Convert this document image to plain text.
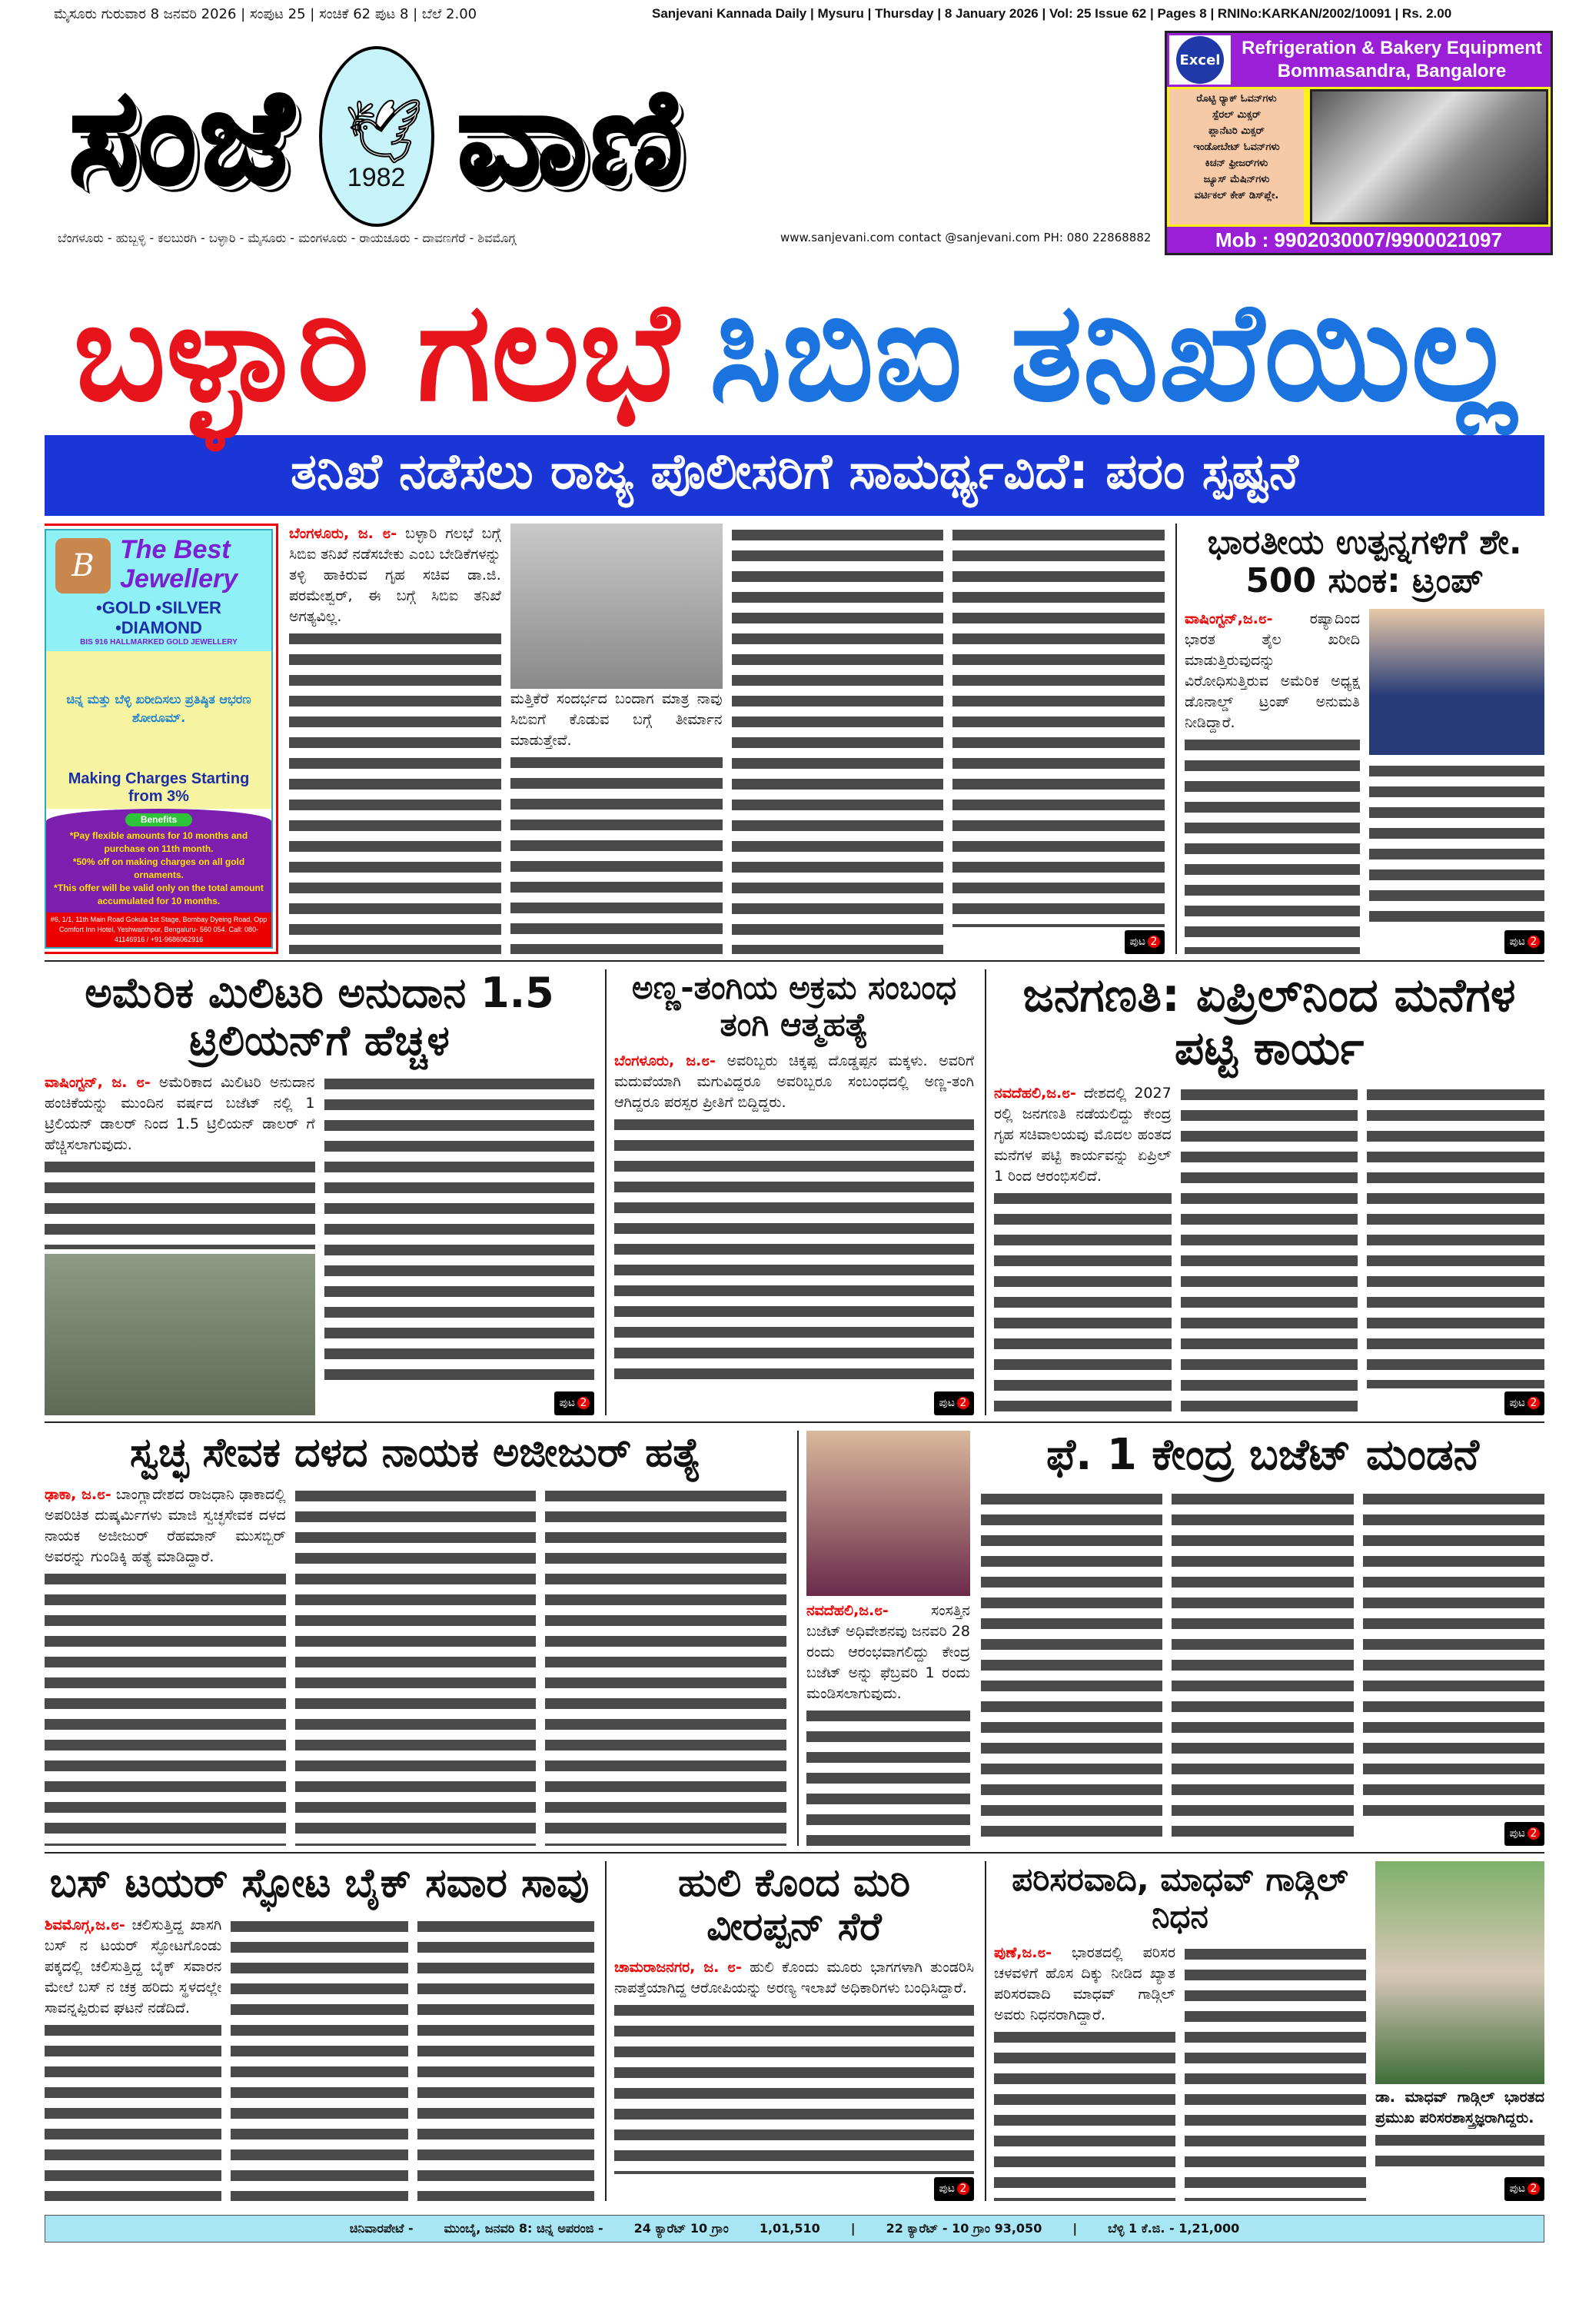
ಮೈಸೂರು ಗುರುವಾರ 8 ಜನವರಿ 2026 | ಸಂಪುಟ 25 | ಸಂಚಿಕೆ 62 ಪುಟ 8 | ಬೆಲೆ 2.00	Sanjevani Kannada Daily | Mysuru | Thursday | 8 January 2026 | Vol: 25 Issue 62 | Pages 8 | RNINo:KARKAN/2002/10091 | Rs. 2.00
ಸಂಜೆ 🕊
1982 ವಾಣಿ
ಬೆಂಗಳೂರು - ಹುಬ್ಬಳ್ಳಿ - ಕಲಬುರಗಿ - ಬಳ್ಳಾರಿ - ಮೈಸೂರು - ಮಂಗಳೂರು - ರಾಯಚೂರು - ದಾವಣಗೆರೆ - ಶಿವಮೊಗ್ಗ	www.sanjevani.com contact @sanjevani.com PH: 080 22868882
Excel
Refrigeration & Bakery Equipment
Bommasandra, Bangalore
ರೊಟ್ಟಿ ರ‍್ಯಾಕ್ ಓವನ್‌ಗಳು
ಸ್ಪೆರಲ್ ಮಿಕ್ಸರ್
ಪ್ಲಾನೆಟರಿ ಮಿಕ್ಸರ್
ಇಂಡೋಬೇಟ್ ಓವನ್‌ಗಳು
ಕಿಚನ್ ಫ್ರೀಜರ್‌ಗಳು
ಜ್ಯೂಸ್ ಮೆಷಿನ್‌ಗಳು
ವರ್ಟಿಕಲ್ ಕೇಕ್ ಡಿಸ್‌ಪ್ಲೇ.
Mob : 9902030007/9900021097
ಬಳ್ಳಾರಿ ಗಲಭೆ ಸಿಬಿಐ ತನಿಖೆಯಿಲ್ಲ
ತನಿಖೆ ನಡೆಸಲು ರಾಜ್ಯ ಪೊಲೀಸರಿಗೆ ಸಾಮರ್ಥ್ಯವಿದೆ: ಪರಂ ಸ್ಪಷ್ಟನೆ
B The Best Jewellery
•GOLD •SILVER •DIAMOND
BIS 916 HALLMARKED GOLD JEWELLERY
ಚಿನ್ನ ಮತ್ತು ಬೆಳ್ಳಿ ಖರೀದಿಸಲು ಪ್ರತಿಷ್ಠಿತ ಆಭರಣ ಶೋರೂಮ್.
Making Charges Starting from 3%
Benefits
*Pay flexible amounts for 10 months and purchase on 11th month.
*50% off on making charges on all gold ornaments.
*This offer will be valid only on the total amount accumulated for 10 months.
#6, 1/1, 11th Main Road Gokula 1st Stage, Bombay Dyeing Road, Opp Comfort Inn Hotel, Yeshwanthpur, Bengaluru- 560 054. Call: 080-41146916 / +91-9686062916

ಬೆಂಗಳೂರು, ಜ. ೮- ಬಳ್ಳಾರಿ ಗಲಭೆ ಬಗ್ಗೆ ಸಿಬಿಐ ತನಿಖೆ ನಡೆಸಬೇಕು ಎಂಬ ಬೇಡಿಕೆಗಳನ್ನು ತಳ್ಳಿ ಹಾಕಿರುವ ಗೃಹ ಸಚಿವ ಡಾ.ಜಿ. ಪರಮೇಶ್ವರ್, ಈ ಬಗ್ಗೆ ಸಿಬಿಐ ತನಿಖೆ ಅಗತ್ಯವಿಲ್ಲ.

ಮತ್ತಿಕೆರೆ ಸಂದರ್ಭದ ಬಂದಾಗ ಮಾತ್ರ ನಾವು ಸಿಬಿಐಗೆ ಕೊಡುವ ಬಗ್ಗೆ ತೀರ್ಮಾನ ಮಾಡುತ್ತೇವೆ.

ಪುಟ 2
ಭಾರತೀಯ ಉತ್ಪನ್ನಗಳಿಗೆ ಶೇ. 500 ಸುಂಕ: ಟ್ರಂಪ್

ವಾಷಿಂಗ್ಟನ್,ಜ.೮-	ರಷ್ಯಾದಿಂದ ಭಾರತ ತೈಲ ಖರೀದಿ ಮಾಡುತ್ತಿರುವುದನ್ನು ವಿರೋಧಿಸುತ್ತಿರುವ ಅಮೆರಿಕ ಅಧ್ಯಕ್ಷ ಡೊನಾಲ್ಡ್ ಟ್ರಂಪ್ ಅನುಮತಿ ನೀಡಿದ್ದಾರೆ.

ಪುಟ 2
ಅಮೆರಿಕ ಮಿಲಿಟರಿ ಅನುದಾನ 1.5 ಟ್ರಿಲಿಯನ್‌ಗೆ ಹೆಚ್ಚಳ

ವಾಷಿಂಗ್ಟನ್, ಜ. ೮- ಅಮೆರಿಕಾದ ಮಿಲಿಟರಿ ಅನುದಾನ ಹಂಚಿಕೆಯನ್ನು ಮುಂದಿನ ವರ್ಷದ ಬಜೆಟ್ ನಲ್ಲಿ 1 ಟ್ರಿಲಿಯನ್ ಡಾಲರ್ ನಿಂದ 1.5 ಟ್ರಿಲಿಯನ್ ಡಾಲರ್ ಗೆ ಹೆಚ್ಚಿಸಲಾಗುವುದು.

ಪುಟ 2
ಅಣ್ಣ-ತಂಗಿಯ ಅಕ್ರಮ ಸಂಬಂಧ ತಂಗಿ ಆತ್ಮಹತ್ಯೆ

ಬೆಂಗಳೂರು, ಜ.೮- ಅವರಿಬ್ಬರು ಚಿಕ್ಕಪ್ಪ ದೊಡ್ಡಪ್ಪನ ಮಕ್ಕಳು. ಅವರಿಗೆ ಮದುವೆಯಾಗಿ ಮಗುವಿದ್ದರೂ ಅವರಿಬ್ಬರೂ ಸಂಬಂಧದಲ್ಲಿ ಅಣ್ಣ-ತಂಗಿ ಆಗಿದ್ದರೂ ಪರಸ್ಪರ ಪ್ರೀತಿಗೆ ಬಿದ್ದಿದ್ದರು.

ಪುಟ 2
ಜನಗಣತಿ: ಏಪ್ರಿಲ್‌ನಿಂದ ಮನೆಗಳ ಪಟ್ಟಿ ಕಾರ್ಯ

ನವದೆಹಲಿ,ಜ.೮- ದೇಶದಲ್ಲಿ 2027 ರಲ್ಲಿ ಜನಗಣತಿ ನಡೆಯಲಿದ್ದು ಕೇಂದ್ರ ಗೃಹ ಸಚಿವಾಲಯವು ಮೊದಲ ಹಂತದ ಮನೆಗಳ ಪಟ್ಟಿ ಕಾರ್ಯವನ್ನು ಏಪ್ರಿಲ್ 1 ರಿಂದ ಆರಂಭಿಸಲಿದೆ.

ಪುಟ 2
ಸ್ವಚ್ಛ ಸೇವಕ ದಳದ ನಾಯಕ ಅಜೀಜುರ್ ಹತ್ಯೆ

ಢಾಕಾ, ಜ.೮- ಬಾಂಗ್ಲಾದೇಶದ ರಾಜಧಾನಿ ಢಾಕಾದಲ್ಲಿ ಅಪರಿಚಿತ ದುಷ್ಕರ್ಮಿಗಳು ಮಾಜಿ ಸ್ವಚ್ಛಸೇವಕ ದಳದ ನಾಯಕ ಅಜೀಜುರ್ ರೆಹಮಾನ್ ಮುಸಬ್ಬಿರ್ ಅವರನ್ನು ಗುಂಡಿಕ್ಕಿ ಹತ್ಯೆ ಮಾಡಿದ್ದಾರೆ.

ನವದೆಹಲಿ,ಜ.೮-	ಸಂಸತ್ತಿನ ಬಜೆಟ್ ಅಧಿವೇಶನವು ಜನವರಿ 28 ರಂದು ಆರಂಭವಾಗಲಿದ್ದು ಕೇಂದ್ರ ಬಜೆಟ್ ಅನ್ನು ಫೆಬ್ರವರಿ 1 ರಂದು ಮಂಡಿಸಲಾಗುವುದು.

ಫೆ. 1 ಕೇಂದ್ರ ಬಜೆಟ್ ಮಂಡನೆ
ಪುಟ 2
ಬಸ್ ಟಯರ್ ಸ್ಫೋಟ ಬೈಕ್ ಸವಾರ ಸಾವು

ಶಿವಮೊಗ್ಗ,ಜ.೮- ಚಲಿಸುತ್ತಿದ್ದ ಖಾಸಗಿ ಬಸ್ ನ ಟಯರ್ ಸ್ಫೋಟಗೊಂಡು ಪಕ್ಕದಲ್ಲಿ ಚಲಿಸುತ್ತಿದ್ದ ಬೈಕ್ ಸವಾರನ ಮೇಲೆ ಬಸ್ ನ ಚಕ್ರ ಹರಿದು ಸ್ಥಳದಲ್ಲೇ ಸಾವನ್ನಪ್ಪಿರುವ ಘಟನೆ ನಡೆದಿದೆ.

ಹುಲಿ ಕೊಂದ ಮರಿ ವೀರಪ್ಪನ್ ಸೆರೆ

ಚಾಮರಾಜನಗರ, ಜ. ೮- ಹುಲಿ ಕೊಂದು ಮೂರು ಭಾಗಗಳಾಗಿ ತುಂಡರಿಸಿ ನಾಪತ್ತೆಯಾಗಿದ್ದ ಆರೋಪಿಯನ್ನು ಅರಣ್ಯ ಇಲಾಖೆ ಅಧಿಕಾರಿಗಳು ಬಂಧಿಸಿದ್ದಾರೆ.

ಪುಟ 2
ಪರಿಸರವಾದಿ, ಮಾಧವ್ ಗಾಡ್ಗಿಲ್ ನಿಧನ

ಪುಣೆ,ಜ.೮- ಭಾರತದಲ್ಲಿ ಪರಿಸರ ಚಳವಳಿಗೆ ಹೊಸ ದಿಕ್ಕು ನೀಡಿದ ಖ್ಯಾತ ಪರಿಸರವಾದಿ ಮಾಧವ್ ಗಾಡ್ಗಿಲ್ ಅವರು ನಿಧನರಾಗಿದ್ದಾರೆ.

ಡಾ. ಮಾಧವ್ ಗಾಡ್ಗಿಲ್ ಭಾರತದ ಪ್ರಮುಖ ಪರಿಸರಶಾಸ್ತ್ರಜ್ಞರಾಗಿದ್ದರು.

ಪುಟ 2
ಚಿನಿವಾರಪೇಟೆ -	ಮುಂಬೈ, ಜನವರಿ 8: ಚಿನ್ನ ಅಪರಂಜಿ -	24 ಕ್ಯಾರೆಟ್ 10 ಗ್ರಾಂ	1,01,510	|	22 ಕ್ಯಾರೆಟ್ - 10 ಗ್ರಾಂ 93,050	|	ಬೆಳ್ಳಿ 1 ಕೆ.ಜಿ. - 1,21,000
